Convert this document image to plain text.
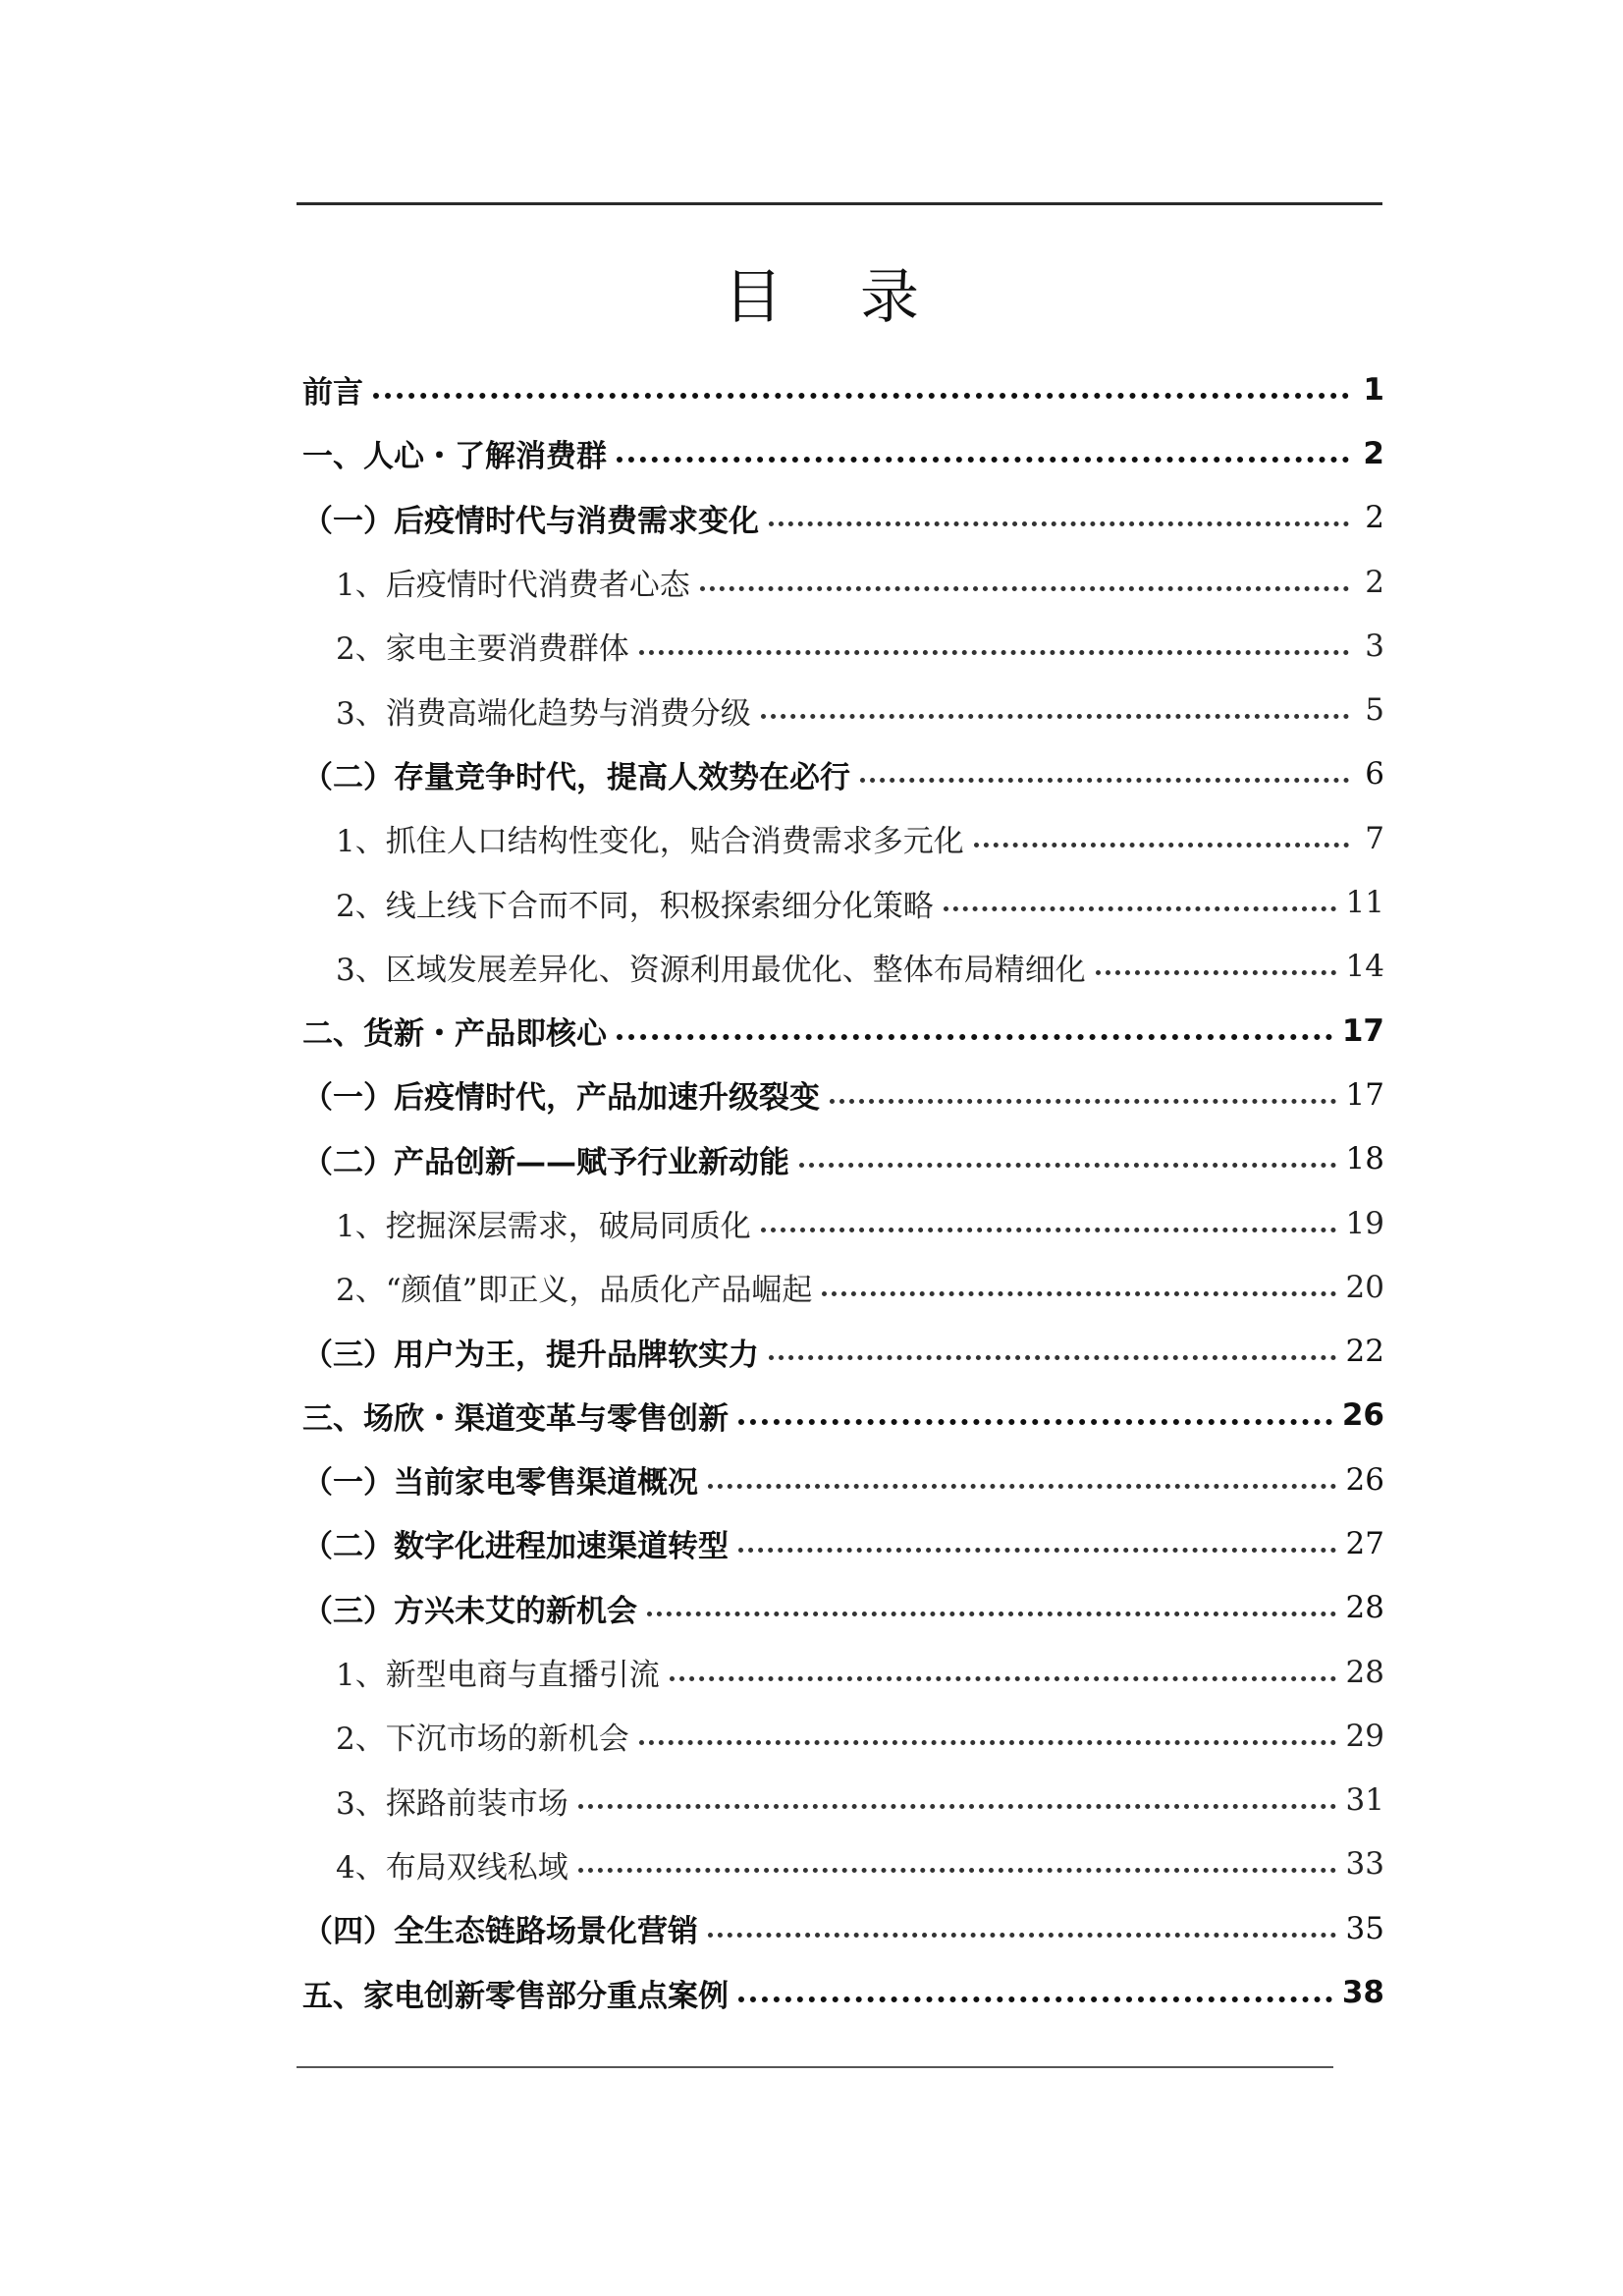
目 录
前言	1
一、人心・了解消费群	2
（一）后疫情时代与消费需求变化	2
1、后疫情时代消费者心态	2
2、家电主要消费群体	3
3、消费高端化趋势与消费分级	5
（二）存量竞争时代，提高人效势在必行	6
1、抓住人口结构性变化，贴合消费需求多元化	7
2、线上线下合而不同，积极探索细分化策略	11
3、区域发展差异化、资源利用最优化、整体布局精细化	14
二、货新・产品即核心	17
（一）后疫情时代，产品加速升级裂变	17
（二）产品创新——赋予行业新动能	18
1、挖掘深层需求，破局同质化	19
2、“颜值”即正义，品质化产品崛起	20
（三）用户为王，提升品牌软实力	22
三、场欣・渠道变革与零售创新	26
（一）当前家电零售渠道概况	26
（二）数字化进程加速渠道转型	27
（三）方兴未艾的新机会	28
1、新型电商与直播引流	28
2、下沉市场的新机会	29
3、探路前装市场	31
4、布局双线私域	33
（四）全生态链路场景化营销	35
五、家电创新零售部分重点案例	38
